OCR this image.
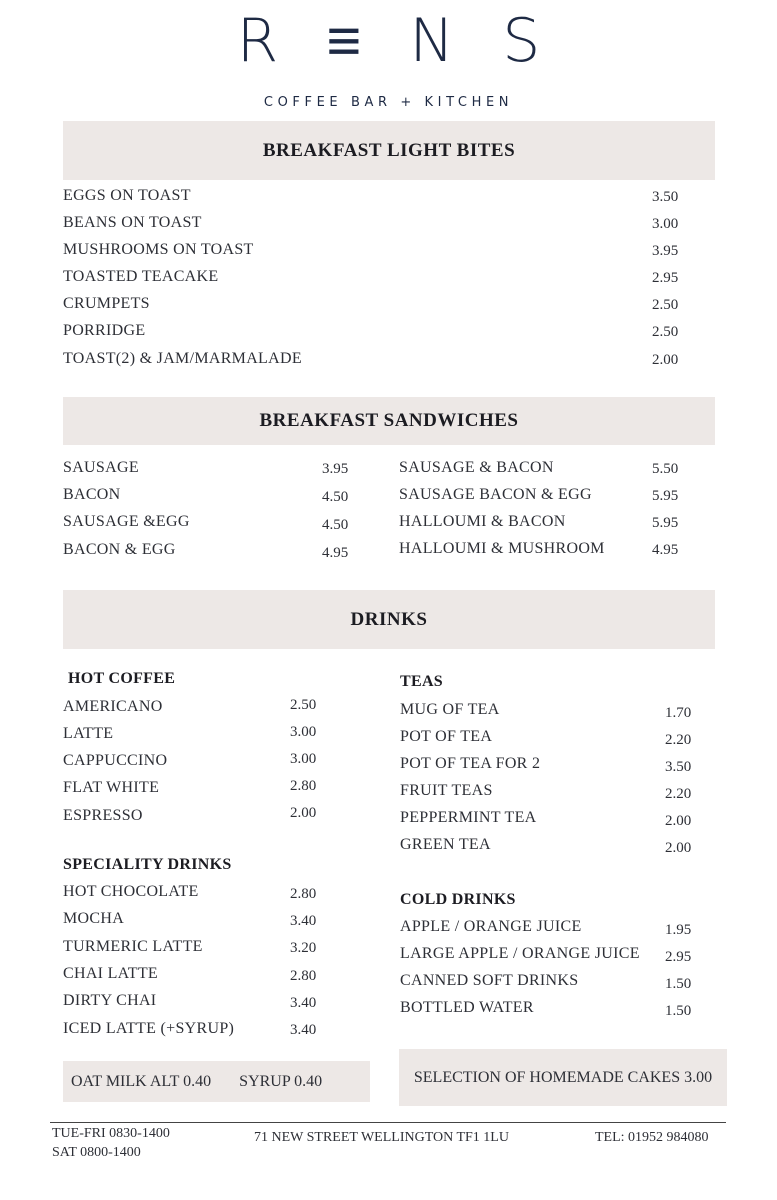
R≡NS
COFFEE BAR + KITCHEN
BREAKFAST LIGHT BITES
EGGS ON TOAST	3.50
BEANS ON TOAST	3.00
MUSHROOMS ON TOAST	3.95
TOASTED TEACAKE	2.95
CRUMPETS	2.50
PORRIDGE	2.50
TOAST(2) & JAM/MARMALADE	2.00
BREAKFAST SANDWICHES
SAUSAGE	3.95
BACON	4.50
SAUSAGE &EGG	4.50
BACON & EGG	4.95
SAUSAGE & BACON	5.50
SAUSAGE BACON & EGG	5.95
HALLOUMI & BACON	5.95
HALLOUMI & MUSHROOM	4.95
DRINKS
HOT COFFEE
AMERICANO	2.50
LATTE	3.00
CAPPUCCINO	3.00
FLAT WHITE	2.80
ESPRESSO	2.00
SPECIALITY DRINKS
HOT CHOCOLATE	2.80
MOCHA	3.40
TURMERIC LATTE	3.20
CHAI LATTE	2.80
DIRTY CHAI	3.40
ICED LATTE (+SYRUP)	3.40
TEAS
MUG OF TEA	1.70
POT OF TEA	2.20
POT OF TEA FOR 2	3.50
FRUIT TEAS	2.20
PEPPERMINT TEA	2.00
GREEN TEA	2.00
COLD DRINKS
APPLE / ORANGE JUICE	1.95
LARGE APPLE / ORANGE JUICE 2.95
CANNED SOFT DRINKS	1.50
BOTTLED WATER	1.50
OAT MILK ALT 0.40 SYRUP 0.40	SELECTION OF HOMEMADE CAKES 3.00
TUE-FRI 0830-1400
SAT 0800-1400
71 NEW STREET WELLINGTON TF1 1LU	TEL: 01952 984080
